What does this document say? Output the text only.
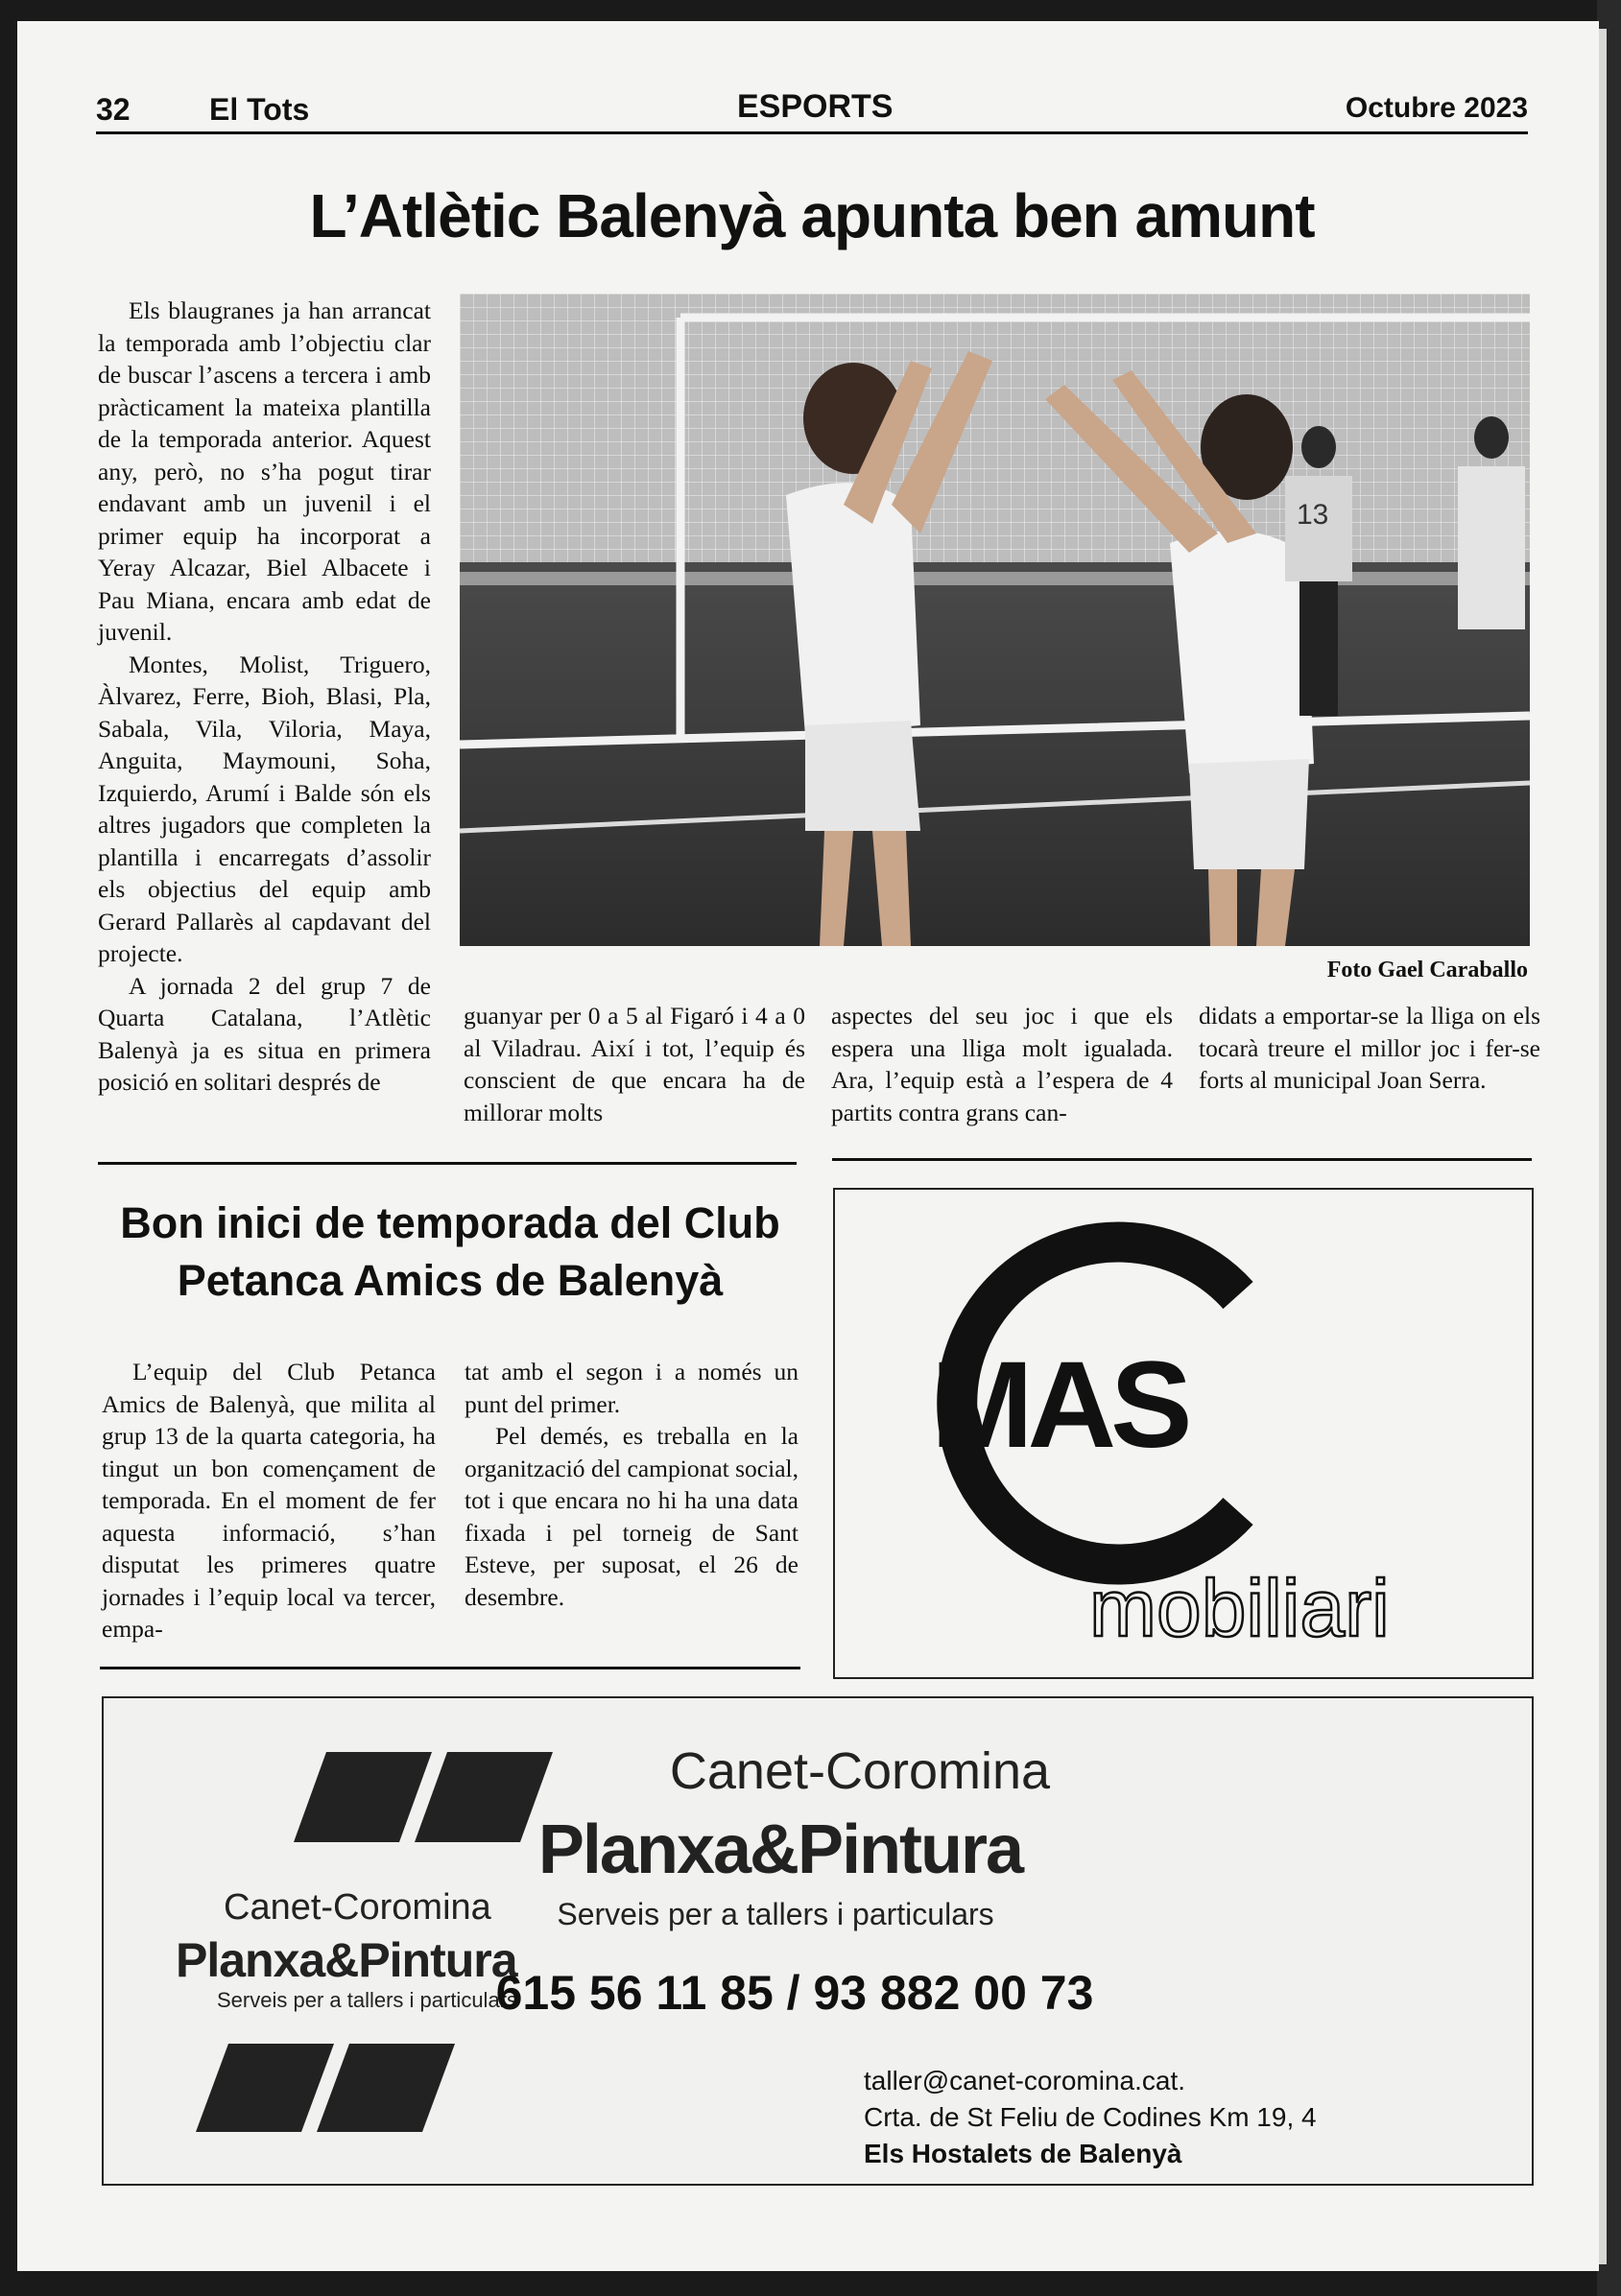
32	El Tots	ESPORTS	Octubre 2023
L’Atlètic Balenyà apunta ben amunt

Els blaugranes ja han arrancat la temporada amb l’objectiu clar de buscar l’ascens a tercera i amb pràcticament la mateixa plantilla de la temporada anterior. Aquest any, però, no s’ha pogut tirar endavant amb un juvenil i el primer equip ha incorporat a Yeray Alcazar, Biel Albacete i Pau Miana, encara amb edat de juvenil.

Montes, Molist, Triguero, Àlvarez, Ferre, Bioh, Blasi, Pla, Sabala, Vila, Viloria, Maya, Anguita, Maymouni, Soha, Izquierdo, Arumí i Balde són els altres jugadors que completen la plantilla i encarregats d’assolir els objectius del equip amb Gerard Pallarès al capdavant del projecte.

A jornada 2 del grup 7 de Quarta Catalana, l’Atlètic Balenyà ja es situa en primera posició en solitari després de

13
Foto Gael Caraballo

guanyar per 0 a 5 al Figaró i 4 a 0 al Viladrau. Així i tot, l’equip és conscient de que encara ha de millorar molts

aspectes del seu joc i que els espera una lliga molt igualada. Ara, l’equip està a l’espera de 4 partits contra grans can-

didats a emportar-se la lliga on els tocarà treure el millor joc i fer-se forts al municipal Joan Serra.

Bon inici de temporada del Club Petanca Amics de Balenyà

L’equip del Club Petanca Amics de Balenyà, que milita al grup 13 de la quarta categoria, ha tingut un bon començament de temporada. En el moment de fer aquesta informació, s’han disputat les primeres quatre jornades i l’equip local va tercer, empa-

tat amb el segon i a només un punt del primer.

Pel demés, es treballa en la organització del campionat social, tot i que encara no hi ha una data fixada i pel torneig de Sant Esteve, per suposat, el 26 de desembre.

MAS
®
mobiliari
Canet-Coromina
Planxa&Pintura
Serveis per a tallers i particulars
Canet-Coromina
Planxa&Pintura
Serveis per a tallers i particulars
615 56 11 85 / 93 882 00 73
taller@canet-coromina.cat.
Crta. de St Feliu de Codines Km 19, 4
Els Hostalets de Balenyà
